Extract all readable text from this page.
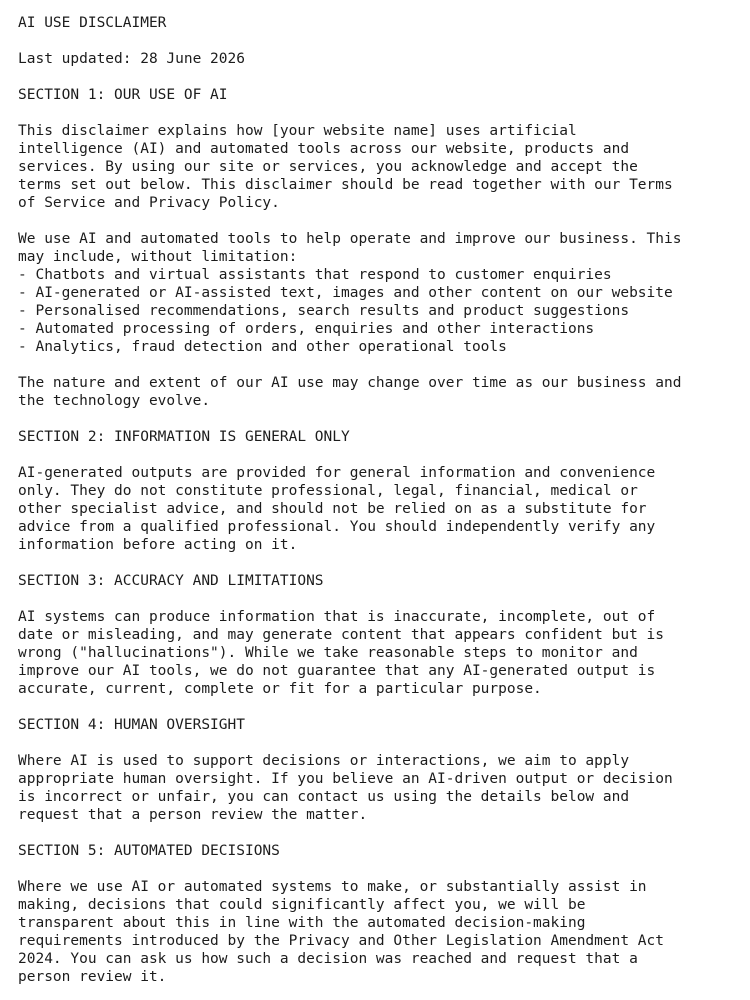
AI USE DISCLAIMER
Last updated: 28 June 2026
SECTION 1: OUR USE OF AI
This disclaimer explains how [your website name] uses artificial
intelligence (AI) and automated tools across our website, products and
services. By using our site or services, you acknowledge and accept the
terms set out below. This disclaimer should be read together with our Terms
of Service and Privacy Policy.
We use AI and automated tools to help operate and improve our business. This
may include, without limitation:
- Chatbots and virtual assistants that respond to customer enquiries
- AI-generated or AI-assisted text, images and other content on our website
- Personalised recommendations, search results and product suggestions
- Automated processing of orders, enquiries and other interactions
- Analytics, fraud detection and other operational tools
The nature and extent of our AI use may change over time as our business and
the technology evolve.
SECTION 2: INFORMATION IS GENERAL ONLY
AI-generated outputs are provided for general information and convenience
only. They do not constitute professional, legal, financial, medical or
other specialist advice, and should not be relied on as a substitute for
advice from a qualified professional. You should independently verify any
information before acting on it.
SECTION 3: ACCURACY AND LIMITATIONS
AI systems can produce information that is inaccurate, incomplete, out of
date or misleading, and may generate content that appears confident but is
wrong ("hallucinations"). While we take reasonable steps to monitor and
improve our AI tools, we do not guarantee that any AI-generated output is
accurate, current, complete or fit for a particular purpose.
SECTION 4: HUMAN OVERSIGHT
Where AI is used to support decisions or interactions, we aim to apply
appropriate human oversight. If you believe an AI-driven output or decision
is incorrect or unfair, you can contact us using the details below and
request that a person review the matter.
SECTION 5: AUTOMATED DECISIONS
Where we use AI or automated systems to make, or substantially assist in
making, decisions that could significantly affect you, we will be
transparent about this in line with the automated decision-making
requirements introduced by the Privacy and Other Legislation Amendment Act
2024. You can ask us how such a decision was reached and request that a
person review it.
